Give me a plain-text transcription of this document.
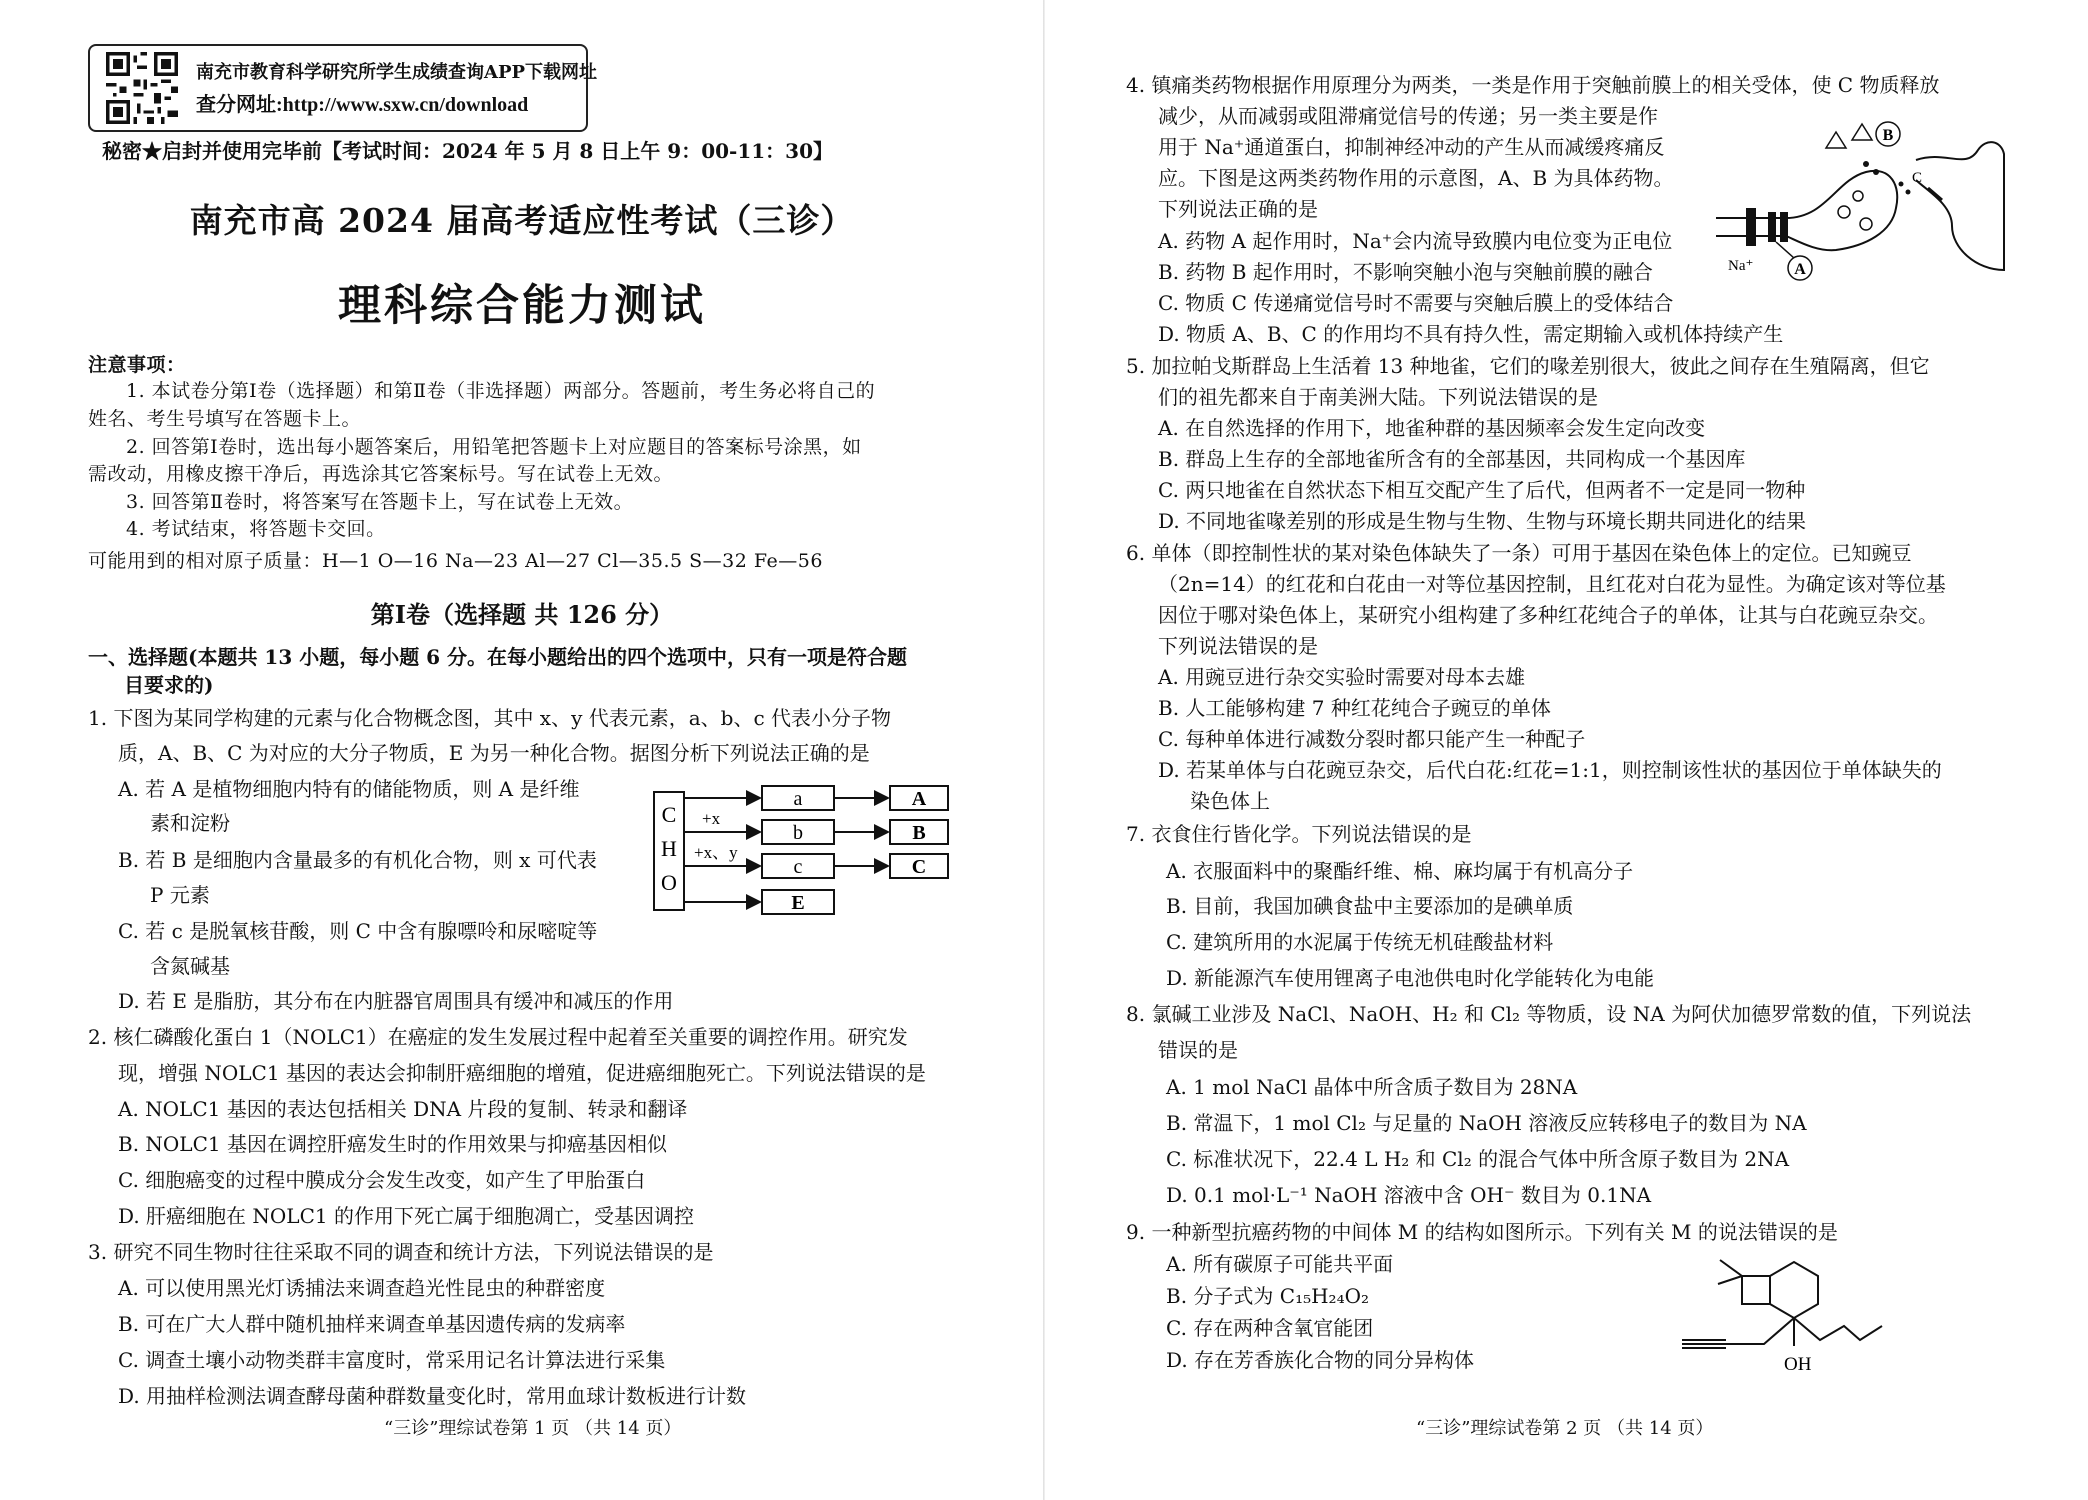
南充市教育科学研究所学生成绩查询APP下载网址
查分网址:http://www.sxw.cn/download
秘密★启封并使用完毕前【考试时间：2024 年 5 月 8 日上午 9：00-11：30】
南充市高 2024 届高考适应性考试（三诊）
理科综合能力测试
注意事项：
1. 本试卷分第Ⅰ卷（选择题）和第Ⅱ卷（非选择题）两部分。答题前，考生务必将自己的
姓名、考生号填写在答题卡上。
2. 回答第Ⅰ卷时，选出每小题答案后，用铅笔把答题卡上对应题目的答案标号涂黑，如
需改动，用橡皮擦干净后，再选涂其它答案标号。写在试卷上无效。
3. 回答第Ⅱ卷时，将答案写在答题卡上，写在试卷上无效。
4. 考试结束，将答题卡交回。
可能用到的相对原子质量：H—1 O—16 Na—23 Al—27 Cl—35.5 S—32 Fe—56
第Ⅰ卷（选择题 共 126 分）
一、选择题(本题共 13 小题，每小题 6 分。在每小题给出的四个选项中，只有一项是符合题
目要求的)
1. 下图为某同学构建的元素与化合物概念图，其中 x、y 代表元素，a、b、c 代表小分子物
质，A、B、C 为对应的大分子物质，E 为另一种化合物。据图分析下列说法正确的是
A. 若 A 是植物细胞内特有的储能物质，则 A 是纤维
素和淀粉
B. 若 B 是细胞内含量最多的有机化合物，则 x 可代表
P 元素
C. 若 c 是脱氧核苷酸，则 C 中含有腺嘌呤和尿嘧啶等
含氮碱基
D. 若 E 是脂肪，其分布在内脏器官周围具有缓冲和减压的作用
C
H
O
+x
+x、y
a
b
c
E
A
B
C
2. 核仁磷酸化蛋白 1（NOLC1）在癌症的发生发展过程中起着至关重要的调控作用。研究发
现，增强 NOLC1 基因的表达会抑制肝癌细胞的增殖，促进癌细胞死亡。下列说法错误的是
A. NOLC1 基因的表达包括相关 DNA 片段的复制、转录和翻译
B. NOLC1 基因在调控肝癌发生时的作用效果与抑癌基因相似
C. 细胞癌变的过程中膜成分会发生改变，如产生了甲胎蛋白
D. 肝癌细胞在 NOLC1 的作用下死亡属于细胞凋亡，受基因调控
3. 研究不同生物时往往采取不同的调查和统计方法，下列说法错误的是
A. 可以使用黑光灯诱捕法来调查趋光性昆虫的种群密度
B. 可在广大人群中随机抽样来调查单基因遗传病的发病率
C. 调查土壤小动物类群丰富度时，常采用记名计算法进行采集
D. 用抽样检测法调查酵母菌种群数量变化时，常用血球计数板进行计数
“三诊”理综试卷第 1 页 （共 14 页）
4. 镇痛类药物根据作用原理分为两类，一类是作用于突触前膜上的相关受体，使 C 物质释放
减少，从而减弱或阻滞痛觉信号的传递；另一类主要是作
用于 Na⁺通道蛋白，抑制神经冲动的产生从而减缓疼痛反
应。下图是这两类药物作用的示意图，A、B 为具体药物。
下列说法正确的是
A. 药物 A 起作用时，Na⁺会内流导致膜内电位变为正电位
B. 药物 B 起作用时，不影响突触小泡与突触前膜的融合
C. 物质 C 传递痛觉信号时不需要与突触后膜上的受体结合
D. 物质 A、B、C 的作用均不具有持久性，需定期输入或机体持续产生
5. 加拉帕戈斯群岛上生活着 13 种地雀，它们的喙差别很大，彼此之间存在生殖隔离，但它
们的祖先都来自于南美洲大陆。下列说法错误的是
A. 在自然选择的作用下，地雀种群的基因频率会发生定向改变
B. 群岛上生存的全部地雀所含有的全部基因，共同构成一个基因库
C. 两只地雀在自然状态下相互交配产生了后代，但两者不一定是同一物种
D. 不同地雀喙差别的形成是生物与生物、生物与环境长期共同进化的结果
6. 单体（即控制性状的某对染色体缺失了一条）可用于基因在染色体上的定位。已知豌豆
（2n=14）的红花和白花由一对等位基因控制，且红花对白花为显性。为确定该对等位基
因位于哪对染色体上，某研究小组构建了多种红花纯合子的单体，让其与白花豌豆杂交。
下列说法错误的是
A. 用豌豆进行杂交实验时需要对母本去雄
B. 人工能够构建 7 种红花纯合子豌豆的单体
C. 每种单体进行减数分裂时都只能产生一种配子
D. 若某单体与白花豌豆杂交，后代白花:红花=1:1，则控制该性状的基因位于单体缺失的
染色体上
7. 衣食住行皆化学。下列说法错误的是
A. 衣服面料中的聚酯纤维、棉、麻均属于有机高分子
B. 目前，我国加碘食盐中主要添加的是碘单质
C. 建筑所用的水泥属于传统无机硅酸盐材料
D. 新能源汽车使用锂离子电池供电时化学能转化为电能
8. 氯碱工业涉及 NaCl、NaOH、H₂ 和 Cl₂ 等物质，设 NA 为阿伏加德罗常数的值，下列说法
错误的是
A. 1 mol NaCl 晶体中所含质子数目为 28NA
B. 常温下，1 mol Cl₂ 与足量的 NaOH 溶液反应转移电子的数目为 NA
C. 标准状况下，22.4 L H₂ 和 Cl₂ 的混合气体中所含原子数目为 2NA
D. 0.1 mol·L⁻¹ NaOH 溶液中含 OH⁻ 数目为 0.1NA
9. 一种新型抗癌药物的中间体 M 的结构如图所示。下列有关 M 的说法错误的是
A. 所有碳原子可能共平面
B. 分子式为 C₁₅H₂₄O₂
C. 存在两种含氧官能团
D. 存在芳香族化合物的同分异构体
“三诊”理综试卷第 2 页 （共 14 页）
B
C
Na⁺	A
OH
